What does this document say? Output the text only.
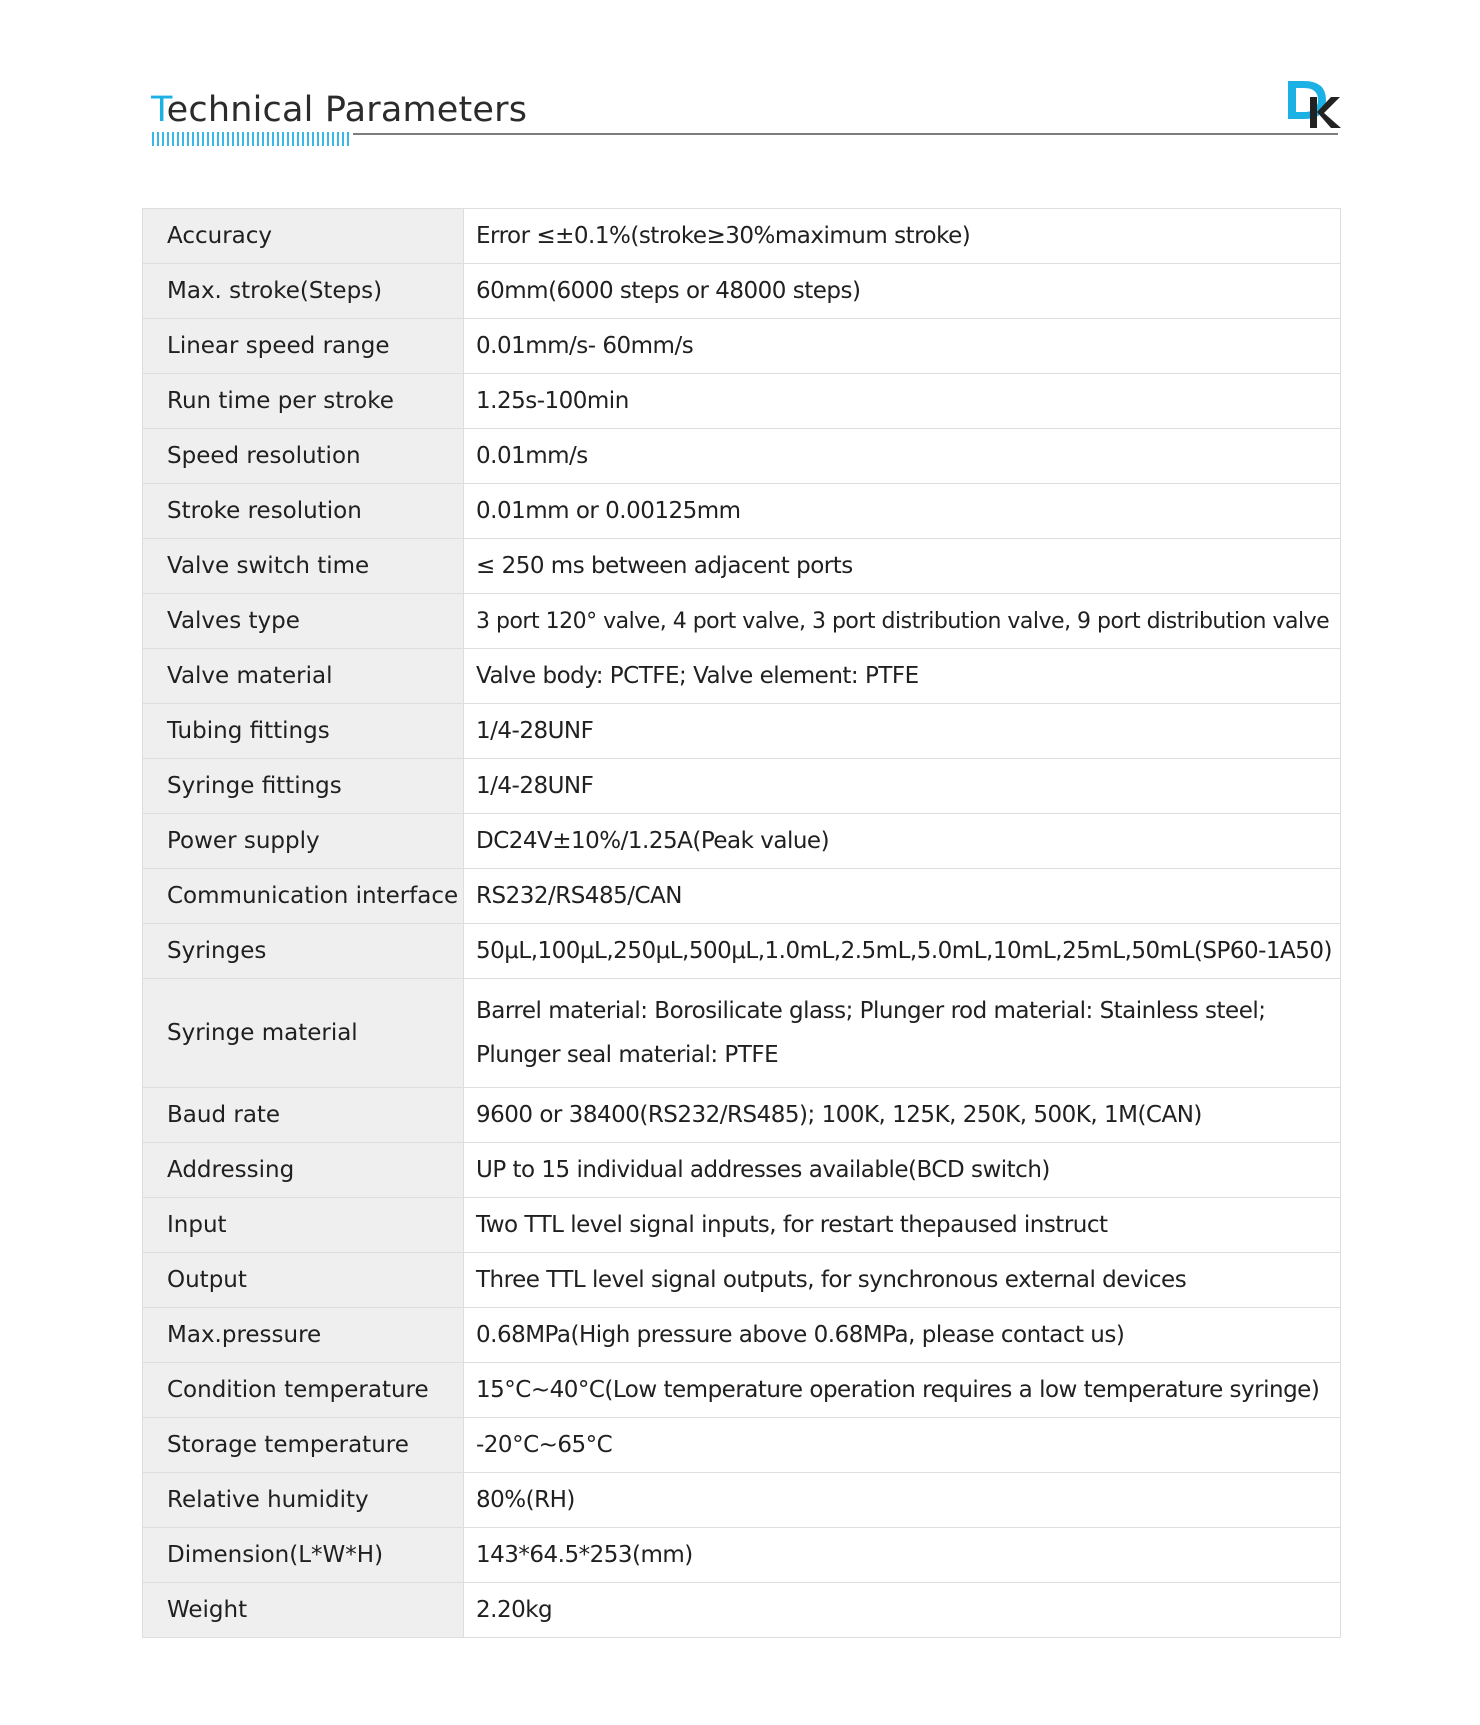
Technical Parameters
Accuracy	Error ≤±0.1%(stroke≥30%maximum stroke)
Max. stroke(Steps)	60mm(6000 steps or 48000 steps)
Linear speed range	0.01mm/s- 60mm/s
Run time per stroke	1.25s-100min
Speed resolution	0.01mm/s
Stroke resolution	0.01mm or 0.00125mm
Valve switch time	≤ 250 ms between adjacent ports
Valves type	3 port 120° valve, 4 port valve, 3 port distribution valve, 9 port distribution valve
Valve material	Valve body: PCTFE; Valve element: PTFE
Tubing fittings	1/4-28UNF
Syringe fittings	1/4-28UNF
Power supply	DC24V±10%/1.25A(Peak value)
Communication interface	RS232/RS485/CAN
Syringes	50μL,100μL,250μL,500μL,1.0mL,2.5mL,5.0mL,10mL,25mL,50mL(SP60-1A50)
Syringe material	Barrel material: Borosilicate glass; Plunger rod material: Stainless steel; Plunger seal material: PTFE
Baud rate	9600 or 38400(RS232/RS485); 100K, 125K, 250K, 500K, 1M(CAN)
Addressing	UP to 15 individual addresses available(BCD switch)
Input	Two TTL level signal inputs, for restart thepaused instruct
Output	Three TTL level signal outputs, for synchronous external devices
Max.pressure	0.68MPa(High pressure above 0.68MPa, please contact us)
Condition temperature	15°C~40°C(Low temperature operation requires a low temperature syringe)
Storage temperature	-20°C~65°C
Relative humidity	80%(RH)
Dimension(L*W*H)	143*64.5*253(mm)
Weight	2.20kg
